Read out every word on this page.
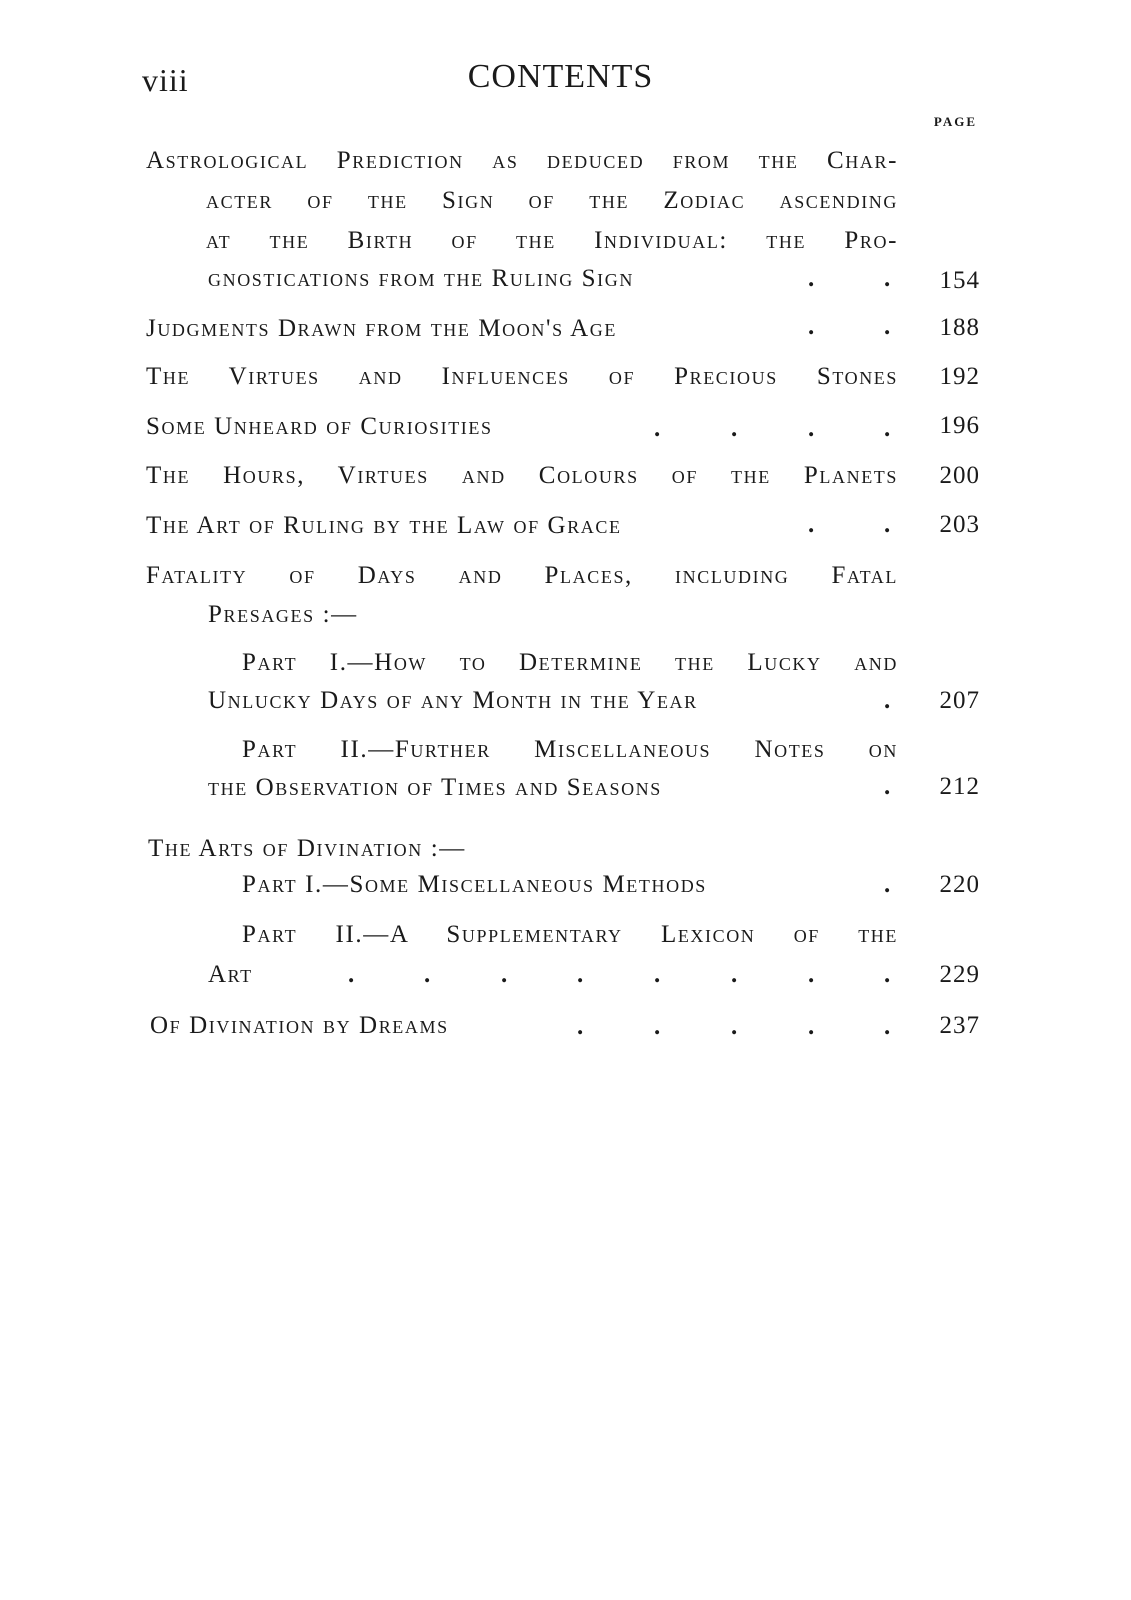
viii	CONTENTS
page
Astrological Prediction as deduced from the Char-
acter of the Sign of the Zodiac ascending
at the Birth of the Individual: the Pro-
gnostications from the Ruling Sign	.	.	154
Judgments Drawn from the Moon's Age	.	.	188
The Virtues and Influences of Precious Stones	192
Some Unheard of Curiosities	.	.	.	.	196
The Hours, Virtues and Colours of the Planets	200
The Art of Ruling by the Law of Grace	.	.	203
Fatality of Days and Places, including Fatal
Presages :—
Part I.—How to Determine the Lucky and
Unlucky Days of any Month in the Year	.	207
Part II.—Further Miscellaneous Notes on
the Observation of Times and Seasons	.	212
The Arts of Divination :—
Part I.—Some Miscellaneous Methods	.	220
Part II.—A Supplementary Lexicon of the
Art	.	.	.	.	.	.	.	.	229
Of Divination by Dreams	.	.	.	.	.	237
